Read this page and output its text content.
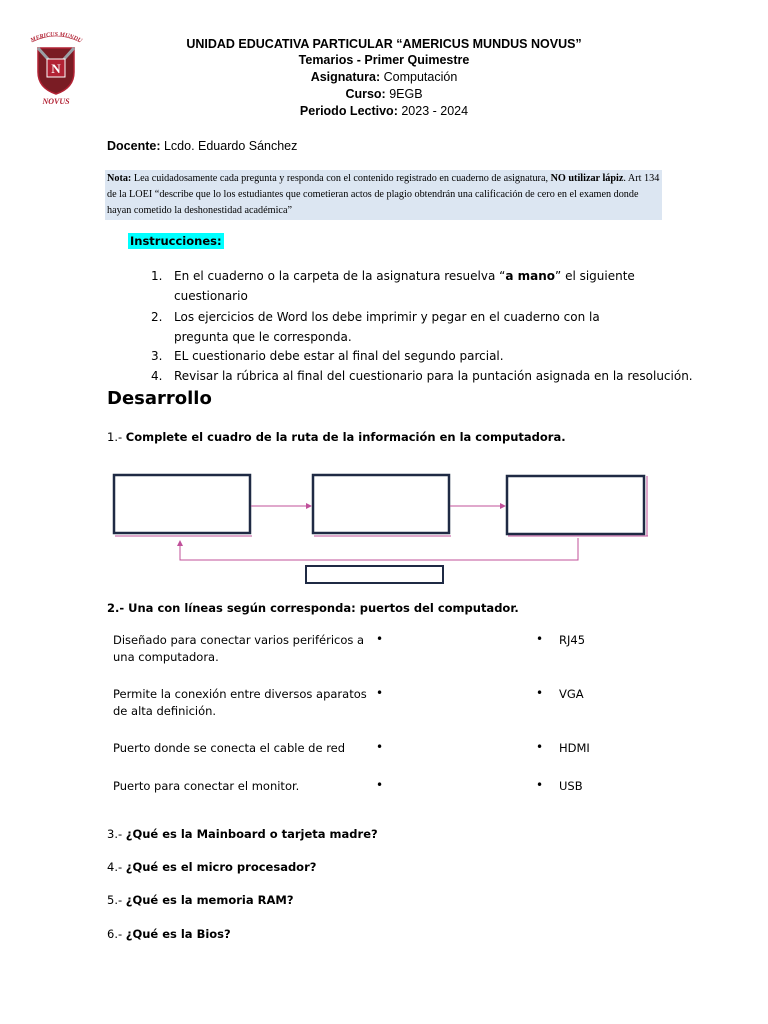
MERICUS MUNDU
N
NOVUS
UNIDAD EDUCATIVA PARTICULAR “AMERICUS MUNDUS NOVUS”
Temarios - Primer Quimestre
Asignatura: Computación
Curso: 9EGB
Periodo Lectivo: 2023 - 2024
Docente: Lcdo. Eduardo Sánchez
Nota: Lea cuidadosamente cada pregunta y responda con el contenido registrado en cuaderno de asignatura, NO utilizar lápiz. Art 134 de la LOEI “describe que lo los estudiantes que cometieran actos de plagio obtendrán una calificación de cero en el examen donde hayan cometido la deshonestidad académica”
Instrucciones:
1. En el cuaderno o la carpeta de la asignatura resuelva “a mano” el siguiente cuestionario
2. Los ejercicios de Word los debe imprimir y pegar en el cuaderno con la pregunta que le corresponda.
3. EL cuestionario debe estar al final del segundo parcial.
4. Revisar la rúbrica al final del cuestionario para la puntación asignada en la resolución.
Desarrollo
1.- Complete el cuadro de la ruta de la información en la computadora.
2.- Una con líneas según corresponda: puertos del computador.
Diseñado para conectar varios periféricos a una computadora.
Permite la conexión entre diversos aparatos de alta definición.
Puerto donde se conecta el cable de red
Puerto para conectar el monitor.
•
•
•
•
•
•
•
•
RJ45
VGA
HDMI
USB
3.- ¿Qué es la Mainboard o tarjeta madre?
4.- ¿Qué es el micro procesador?
5.- ¿Qué es la memoria RAM?
6.- ¿Qué es la Bios?
